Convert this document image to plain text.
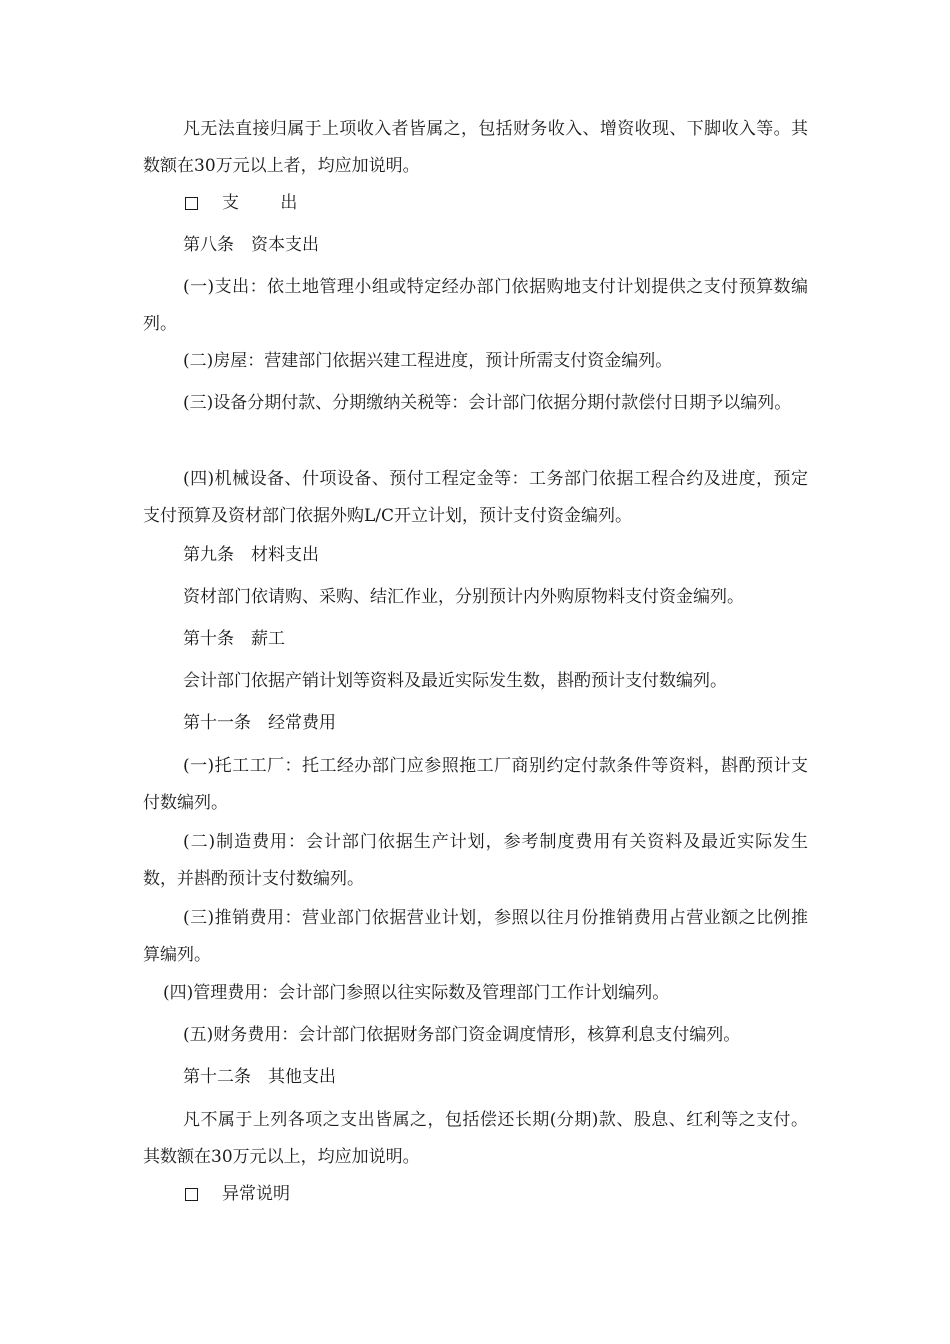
凡无法直接归属于上项收入者皆属之，包括财务收入、增资收现、下脚收入等。其数额在30万元以上者，均应加说明。

支 出

第八条　资本支出

(一)支出：依土地管理小组或特定经办部门依据购地支付计划提供之支付预算数编列。

(二)房屋：营建部门依据兴建工程进度，预计所需支付资金编列。

(三)设备分期付款、分期缴纳关税等：会计部门依据分期付款偿付日期予以编列。

(四)机械设备、什项设备、预付工程定金等：工务部门依据工程合约及进度，预定支付预算及资材部门依据外购L/C开立计划，预计支付资金编列。

第九条　材料支出

资材部门依请购、采购、结汇作业，分别预计内外购原物料支付资金编列。

第十条　薪工

会计部门依据产销计划等资料及最近实际发生数，斟酌预计支付数编列。

第十一条　经常费用

(一)托工工厂：托工经办部门应参照拖工厂商别约定付款条件等资料，斟酌预计支付数编列。

(二)制造费用：会计部门依据生产计划，参考制度费用有关资料及最近实际发生数，并斟酌预计支付数编列。

(三)推销费用：营业部门依据营业计划，参照以往月份推销费用占营业额之比例推算编列。

(四)管理费用：会计部门参照以往实际数及管理部门工作计划编列。

(五)财务费用：会计部门依据财务部门资金调度情形，核算利息支付编列。

第十二条　其他支出

凡不属于上列各项之支出皆属之，包括偿还长期(分期)款、股息、红利等之支付。其数额在30万元以上，均应加说明。

异常说明
